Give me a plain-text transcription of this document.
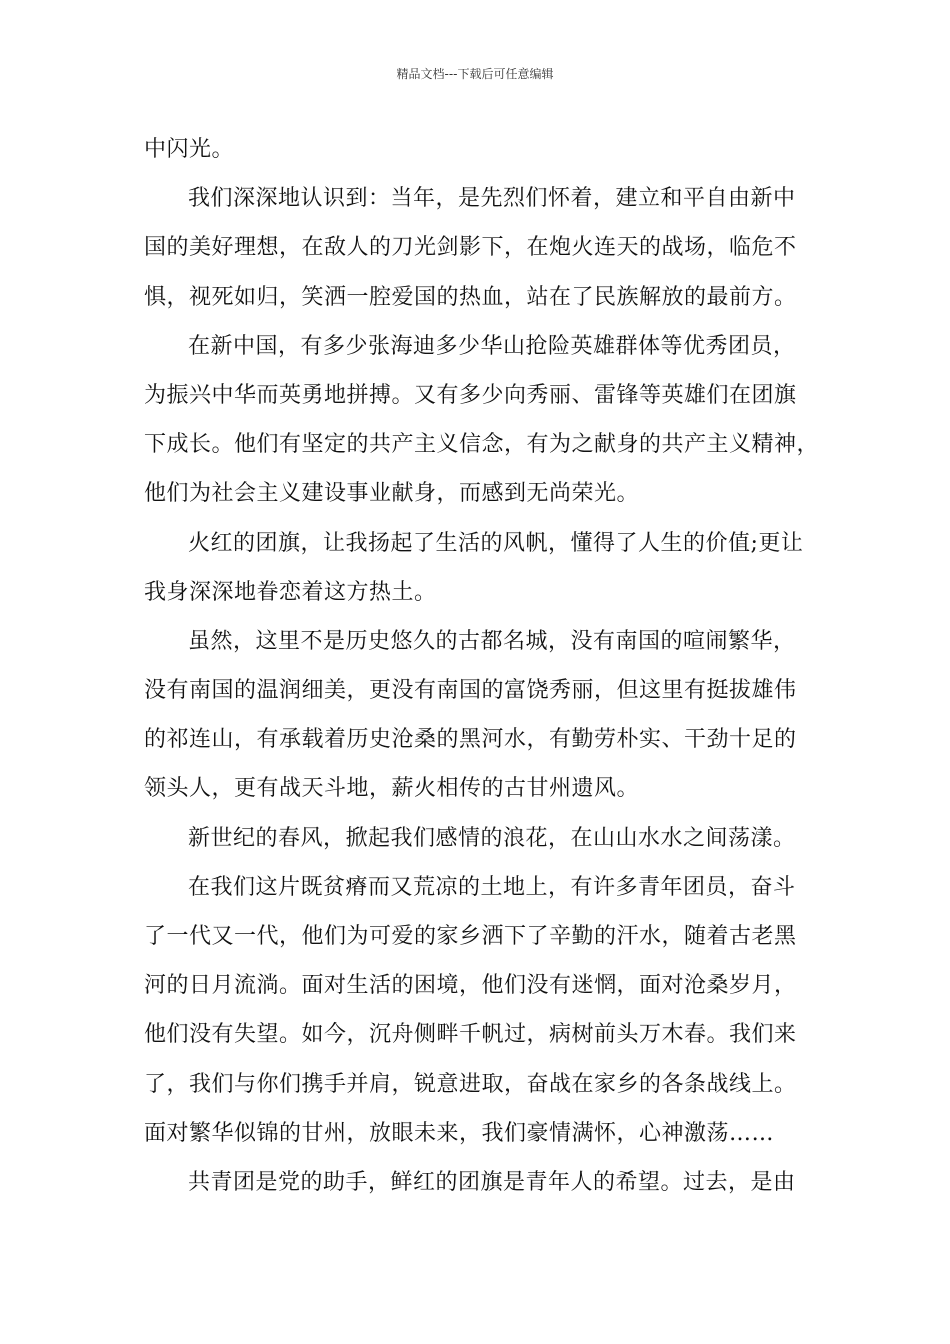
精品文档---下载后可任意编辑
中闪光。
我们深深地认识到：当年，是先烈们怀着，建立和平自由新中
国的美好理想，在敌人的刀光剑影下，在炮火连天的战场，临危不
惧，视死如归，笑洒一腔爱国的热血，站在了民族解放的最前方。
在新中国，有多少张海迪多少华山抢险英雄群体等优秀团员，
为振兴中华而英勇地拼搏。又有多少向秀丽、雷锋等英雄们在团旗
下成长。他们有坚定的共产主义信念，有为之献身的共产主义精神，
他们为社会主义建设事业献身，而感到无尚荣光。
火红的团旗，让我扬起了生活的风帆，懂得了人生的价值;更让
我身深深地眷恋着这方热土。
虽然，这里不是历史悠久的古都名城，没有南国的喧闹繁华，
没有南国的温润细美，更没有南国的富饶秀丽，但这里有挺拔雄伟
的祁连山，有承载着历史沧桑的黑河水，有勤劳朴实、干劲十足的
领头人，更有战天斗地，薪火相传的古甘州遗风。
新世纪的春风，掀起我们感情的浪花，在山山水水之间荡漾。
在我们这片既贫瘠而又荒凉的土地上，有许多青年团员，奋斗
了一代又一代，他们为可爱的家乡洒下了辛勤的汗水，随着古老黑
河的日月流淌。面对生活的困境，他们没有迷惘，面对沧桑岁月，
他们没有失望。如今，沉舟侧畔千帆过，病树前头万木春。我们来
了，我们与你们携手并肩，锐意进取，奋战在家乡的各条战线上。
面对繁华似锦的甘州，放眼未来，我们豪情满怀，心神激荡……
共青团是党的助手，鲜红的团旗是青年人的希望。过去，是由
